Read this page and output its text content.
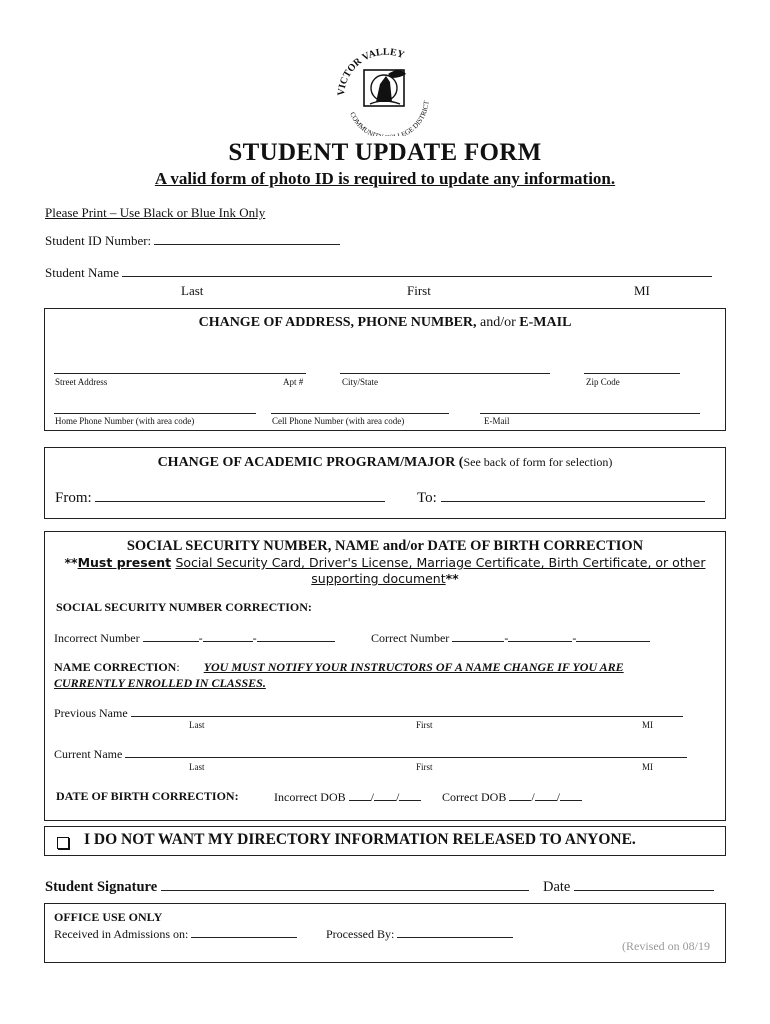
VICTOR VALLEY
COMMUNIT LEGE DISTRICT
STUDENT UPDATE FORM
A valid form of photo ID is required to update any information.
Please Print – Use Black or Blue Ink Only
Student ID Number:
Student Name
Last	First	MI
CHANGE OF ADDRESS, PHONE NUMBER, and/or E-MAIL
Street Address	Apt #	City/State	Zip Code
Home Phone Number (with area code)	Cell Phone Number (with area code)	E-Mail
CHANGE OF ACADEMIC PROGRAM/MAJOR (See back of form for selection)
From:	To:
SOCIAL SECURITY NUMBER, NAME and/or DATE OF BIRTH CORRECTION
**Must present Social Security Card, Driver's License, Marriage Certificate, Birth Certificate, or other
supporting document**
SOCIAL SECURITY NUMBER CORRECTION:
Incorrect Number	-	-	Correct Number	-	-
NAME CORRECTION:        YOU MUST NOTIFY YOUR INSTRUCTORS OF A NAME CHANGE IF YOU ARE
CURRENTLY ENROLLED IN CLASSES.
Previous Name
Last	First	MI
Current Name
Last	First	MI
DATE OF BIRTH CORRECTION:	Incorrect DOB / /	Correct DOB / /
I DO NOT WANT MY DIRECTORY INFORMATION RELEASED TO ANYONE.
Student Signature	Date
OFFICE USE ONLY
Received in Admissions on:	Processed By:
(Revised on 08/19
